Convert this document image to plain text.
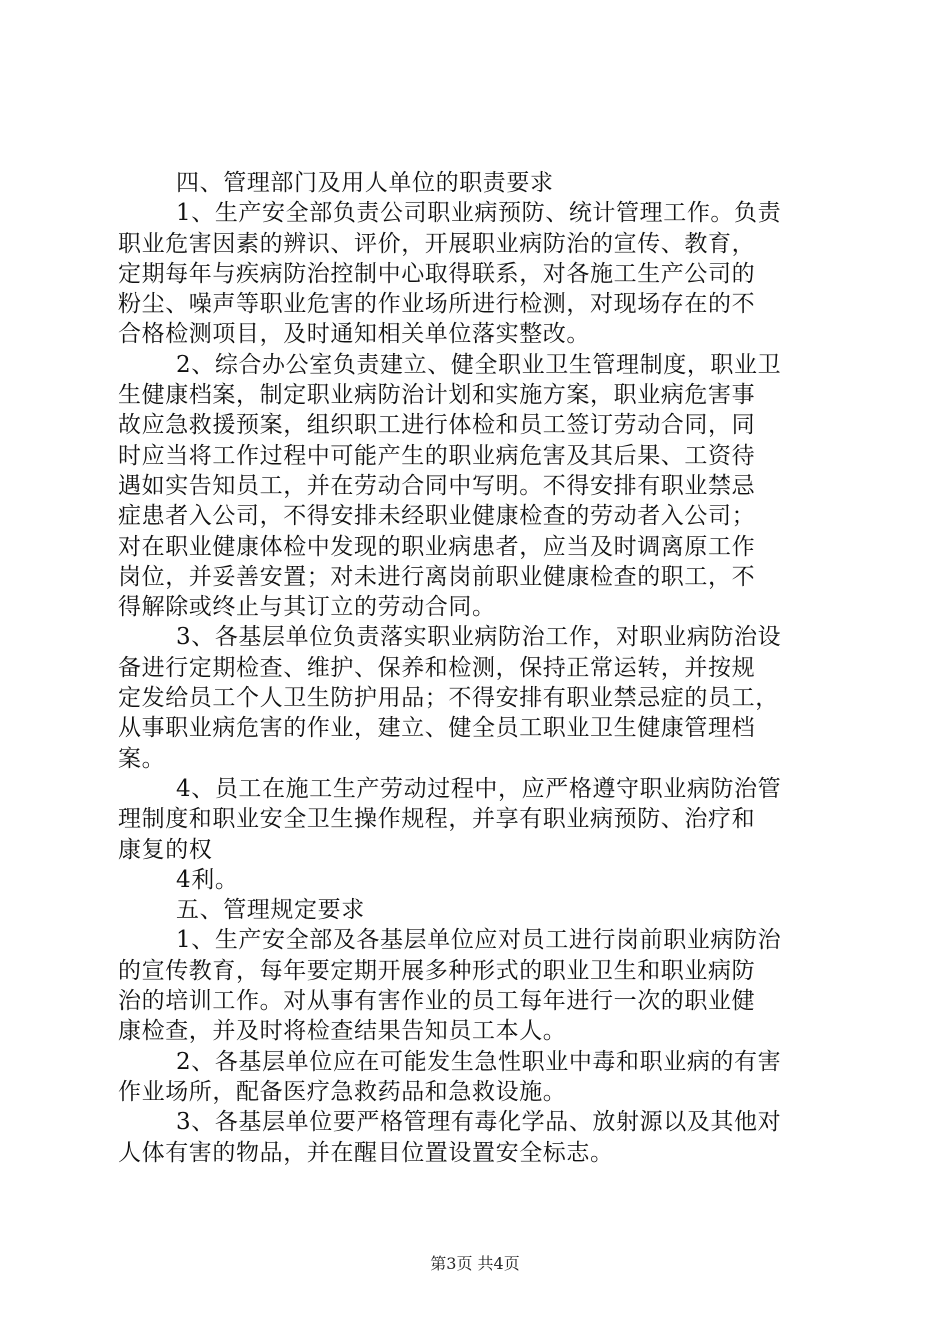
四、管理部门及用人单位的职责要求
1、生产安全部负责公司职业病预防、统计管理工作。负责
职业危害因素的辨识、评价，开展职业病防治的宣传、教育，
定期每年与疾病防治控制中心取得联系，对各施工生产公司的
粉尘、噪声等职业危害的作业场所进行检测，对现场存在的不
合格检测项目，及时通知相关单位落实整改。
2、综合办公室负责建立、健全职业卫生管理制度，职业卫
生健康档案，制定职业病防治计划和实施方案，职业病危害事
故应急救援预案，组织职工进行体检和员工签订劳动合同，同
时应当将工作过程中可能产生的职业病危害及其后果、工资待
遇如实告知员工，并在劳动合同中写明。不得安排有职业禁忌
症患者入公司，不得安排未经职业健康检查的劳动者入公司；
对在职业健康体检中发现的职业病患者，应当及时调离原工作
岗位，并妥善安置；对未进行离岗前职业健康检查的职工，不
得解除或终止与其订立的劳动合同。
3、各基层单位负责落实职业病防治工作，对职业病防治设
备进行定期检查、维护、保养和检测，保持正常运转，并按规
定发给员工个人卫生防护用品；不得安排有职业禁忌症的员工，
从事职业病危害的作业，建立、健全员工职业卫生健康管理档
案。
4、员工在施工生产劳动过程中，应严格遵守职业病防治管
理制度和职业安全卫生操作规程，并享有职业病预防、治疗和
康复的权
4利。
五、管理规定要求
1、生产安全部及各基层单位应对员工进行岗前职业病防治
的宣传教育，每年要定期开展多种形式的职业卫生和职业病防
治的培训工作。对从事有害作业的员工每年进行一次的职业健
康检查，并及时将检查结果告知员工本人。
2、各基层单位应在可能发生急性职业中毒和职业病的有害
作业场所，配备医疗急救药品和急救设施。
3、各基层单位要严格管理有毒化学品、放射源以及其他对
人体有害的物品，并在醒目位置设置安全标志。
第3页 共4页
